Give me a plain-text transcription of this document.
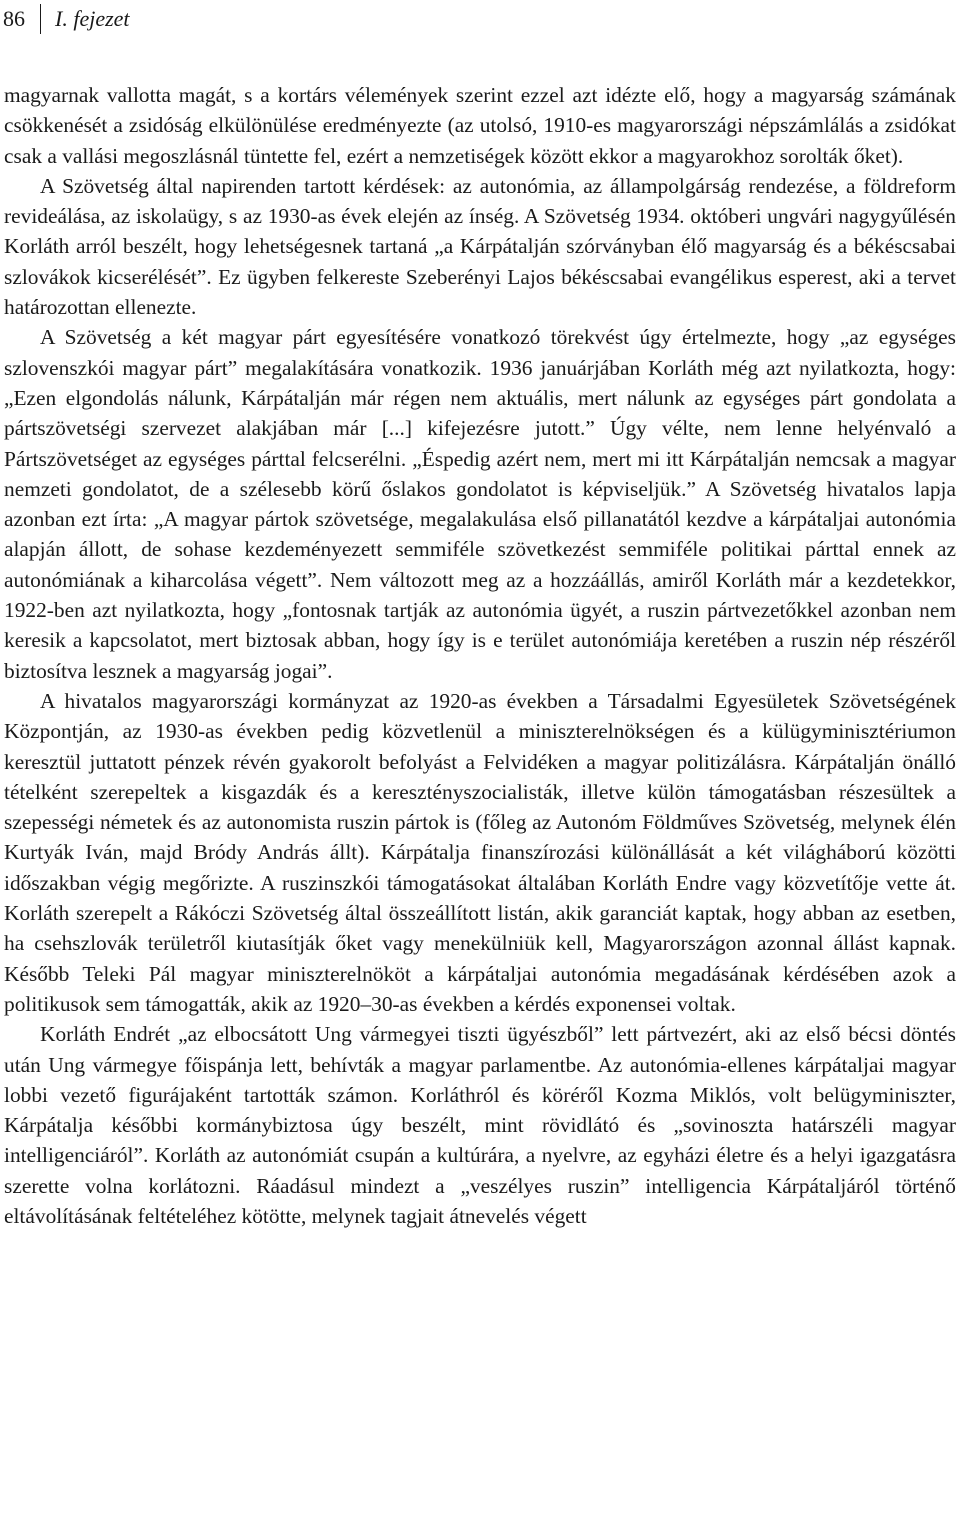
86	I. fejezet

magyarnak vallotta magát, s a kortárs vélemények szerint ezzel azt idézte elő, hogy a magyarság számának csökkenését a zsidóság elkülönülése eredményezte (az utolsó, 1910-es magyarországi népszámlálás a zsidókat csak a vallási megoszlásnál tüntette fel, ezért a nemzetiségek között ekkor a magyarokhoz sorolták őket).

A Szövetség által napirenden tartott kérdések: az autonómia, az állampolgárság rendezése, a földreform revideálása, az iskolaügy, s az 1930-as évek elején az ínség. A Szövetség 1934. októberi ungvári nagygyűlésén Korláth arról beszélt, hogy lehetségesnek tartaná „a Kárpátalján szórványban élő magyarság és a békéscsabai szlovákok kicserélését”. Ez ügyben felkereste Szeberényi Lajos békéscsabai evangélikus esperest, aki a tervet határozottan ellenezte.

A Szövetség a két magyar párt egyesítésére vonatkozó törekvést úgy értelmezte, hogy „az egységes szlovenszkói magyar párt” megalakítására vonatkozik. 1936 januárjában Korláth még azt nyilatkozta, hogy: „Ezen elgondolás nálunk, Kárpátalján már régen nem aktuális, mert nálunk az egységes párt gondolata a pártszövetségi szervezet alakjában már [...] kifejezésre jutott.” Úgy vélte, nem lenne helyénvaló a Pártszövetséget az egységes párttal felcserélni. „Éspedig azért nem, mert mi itt Kárpátalján nemcsak a magyar nemzeti gondolatot, de a szélesebb körű őslakos gondolatot is képviseljük.” A Szövetség hivatalos lapja azonban ezt írta: „A magyar pártok szövetsége, megalakulása első pillanatától kezdve a kárpátaljai autonómia alapján állott, de sohase kezdeményezett semmiféle szövetkezést semmiféle politikai párttal ennek az autonómiának a kiharcolása végett”. Nem változott meg az a hozzáállás, amiről Korláth már a kezdetekkor, 1922-ben azt nyilatkozta, hogy „fontosnak tartják az autonómia ügyét, a ruszin pártvezetőkkel azonban nem keresik a kapcsolatot, mert biztosak abban, hogy így is e terület autonómiája keretében a ruszin nép részéről biztosítva lesznek a magyarság jogai”.

A hivatalos magyarországi kormányzat az 1920-as években a Társadalmi Egyesületek Szövetségének Központján, az 1930-as években pedig közvetlenül a miniszterelnökségen és a külügyminisztériumon keresztül juttatott pénzek révén gyakorolt befolyást a Felvidéken a magyar politizálásra. Kárpátalján önálló tételként szerepeltek a kisgazdák és a keresztényszocialisták, illetve külön támogatásban részesültek a szepességi németek és az autonomista ruszin pártok is (főleg az Autonóm Földműves Szövetség, melynek élén Kurtyák Iván, majd Bródy András állt). Kárpátalja finanszírozási különállását a két világháború közötti időszakban végig megőrizte. A ruszinszkói támogatásokat általában Korláth Endre vagy közvetítője vette át. Korláth szerepelt a Rákóczi Szövetség által összeállított listán, akik garanciát kaptak, hogy abban az esetben, ha csehszlovák területről kiutasítják őket vagy menekülniük kell, Magyarországon azonnal állást kapnak. Később Teleki Pál magyar miniszterelnököt a kárpátaljai autonómia megadásának kérdésében azok a politikusok sem támogatták, akik az 1920–30-as években a kérdés exponensei voltak.

Korláth Endrét „az elbocsátott Ung vármegyei tiszti ügyészből” lett pártvezért, aki az első bécsi döntés után Ung vármegye főispánja lett, behívták a magyar parlamentbe. Az autonómia-ellenes kárpátaljai magyar lobbi vezető figurájaként tartották számon. Korláthról és köréről Kozma Miklós, volt belügyminiszter, Kárpátalja későbbi kormánybiztosa úgy beszélt, mint rövidlátó és „sovinoszta határszéli magyar intelligenciáról”. Korláth az autonómiát csupán a kultúrára, a nyelvre, az egyházi életre és a helyi igazgatásra szerette volna korlátozni. Ráadásul mindezt a „veszélyes ruszin” intelligencia Kárpátaljáról történő eltávolításának feltételéhez kötötte, melynek tagjait átnevelés végett
